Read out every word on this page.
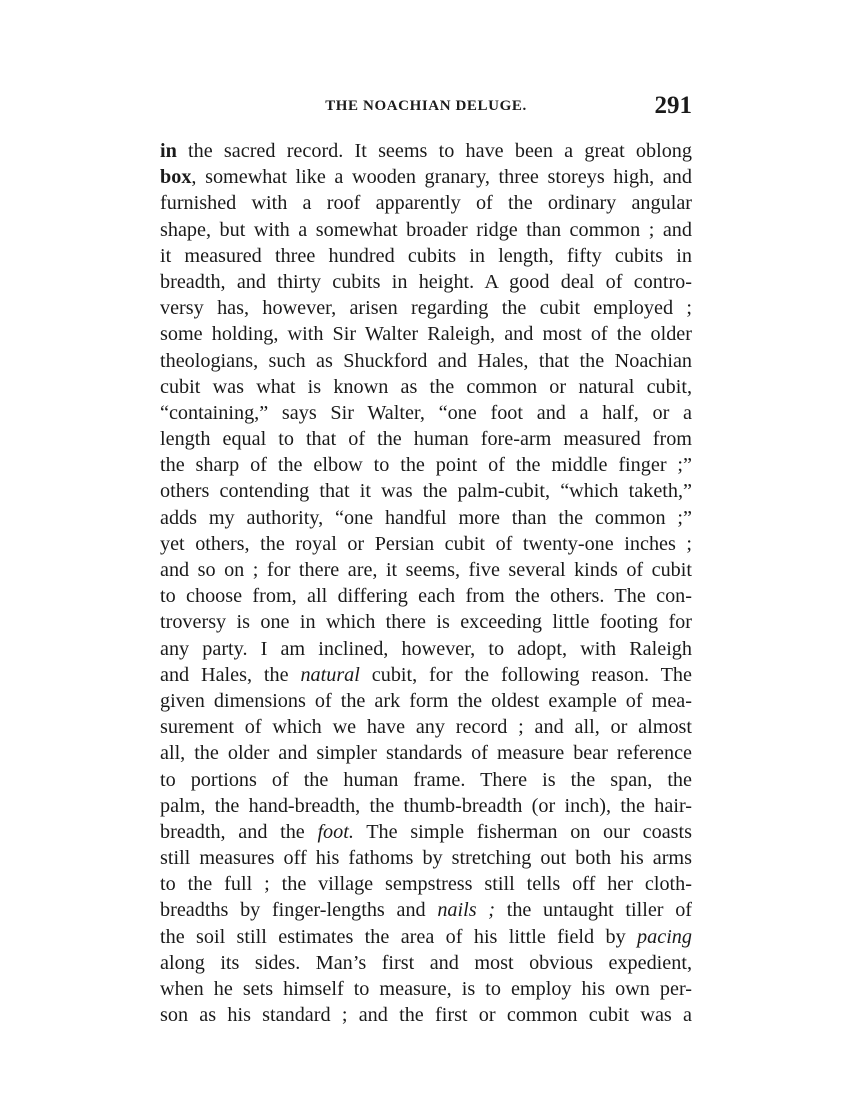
THE NOACHIAN DELUGE.	291
in the sacred record. It seems to have been a great oblong
box, somewhat like a wooden granary, three storeys high, and
furnished with a roof apparently of the ordinary angular
shape, but with a somewhat broader ridge than common ; and
it measured three hundred cubits in length, fifty cubits in
breadth, and thirty cubits in height. A good deal of contro-
versy has, however, arisen regarding the cubit employed ;
some holding, with Sir Walter Raleigh, and most of the older
theologians, such as Shuckford and Hales, that the Noachian
cubit was what is known as the common or natural cubit,
“containing,” says Sir Walter, “one foot and a half, or a
length equal to that of the human fore-arm measured from
the sharp of the elbow to the point of the middle finger ;”
others contending that it was the palm-cubit, “which taketh,”
adds my authority, “one handful more than the common ;”
yet others, the royal or Persian cubit of twenty-one inches ;
and so on ; for there are, it seems, five several kinds of cubit
to choose from, all differing each from the others. The con-
troversy is one in which there is exceeding little footing for
any party. I am inclined, however, to adopt, with Raleigh
and Hales, the natural cubit, for the following reason. The
given dimensions of the ark form the oldest example of mea-
surement of which we have any record ; and all, or almost
all, the older and simpler standards of measure bear reference
to portions of the human frame. There is the span, the
palm, the hand-breadth, the thumb-breadth (or inch), the hair-
breadth, and the foot. The simple fisherman on our coasts
still measures off his fathoms by stretching out both his arms
to the full ; the village sempstress still tells off her cloth-
breadths by finger-lengths and nails ; the untaught tiller of
the soil still estimates the area of his little field by pacing
along its sides. Man’s first and most obvious expedient,
when he sets himself to measure, is to employ his own per-
son as his standard ; and the first or common cubit was a
